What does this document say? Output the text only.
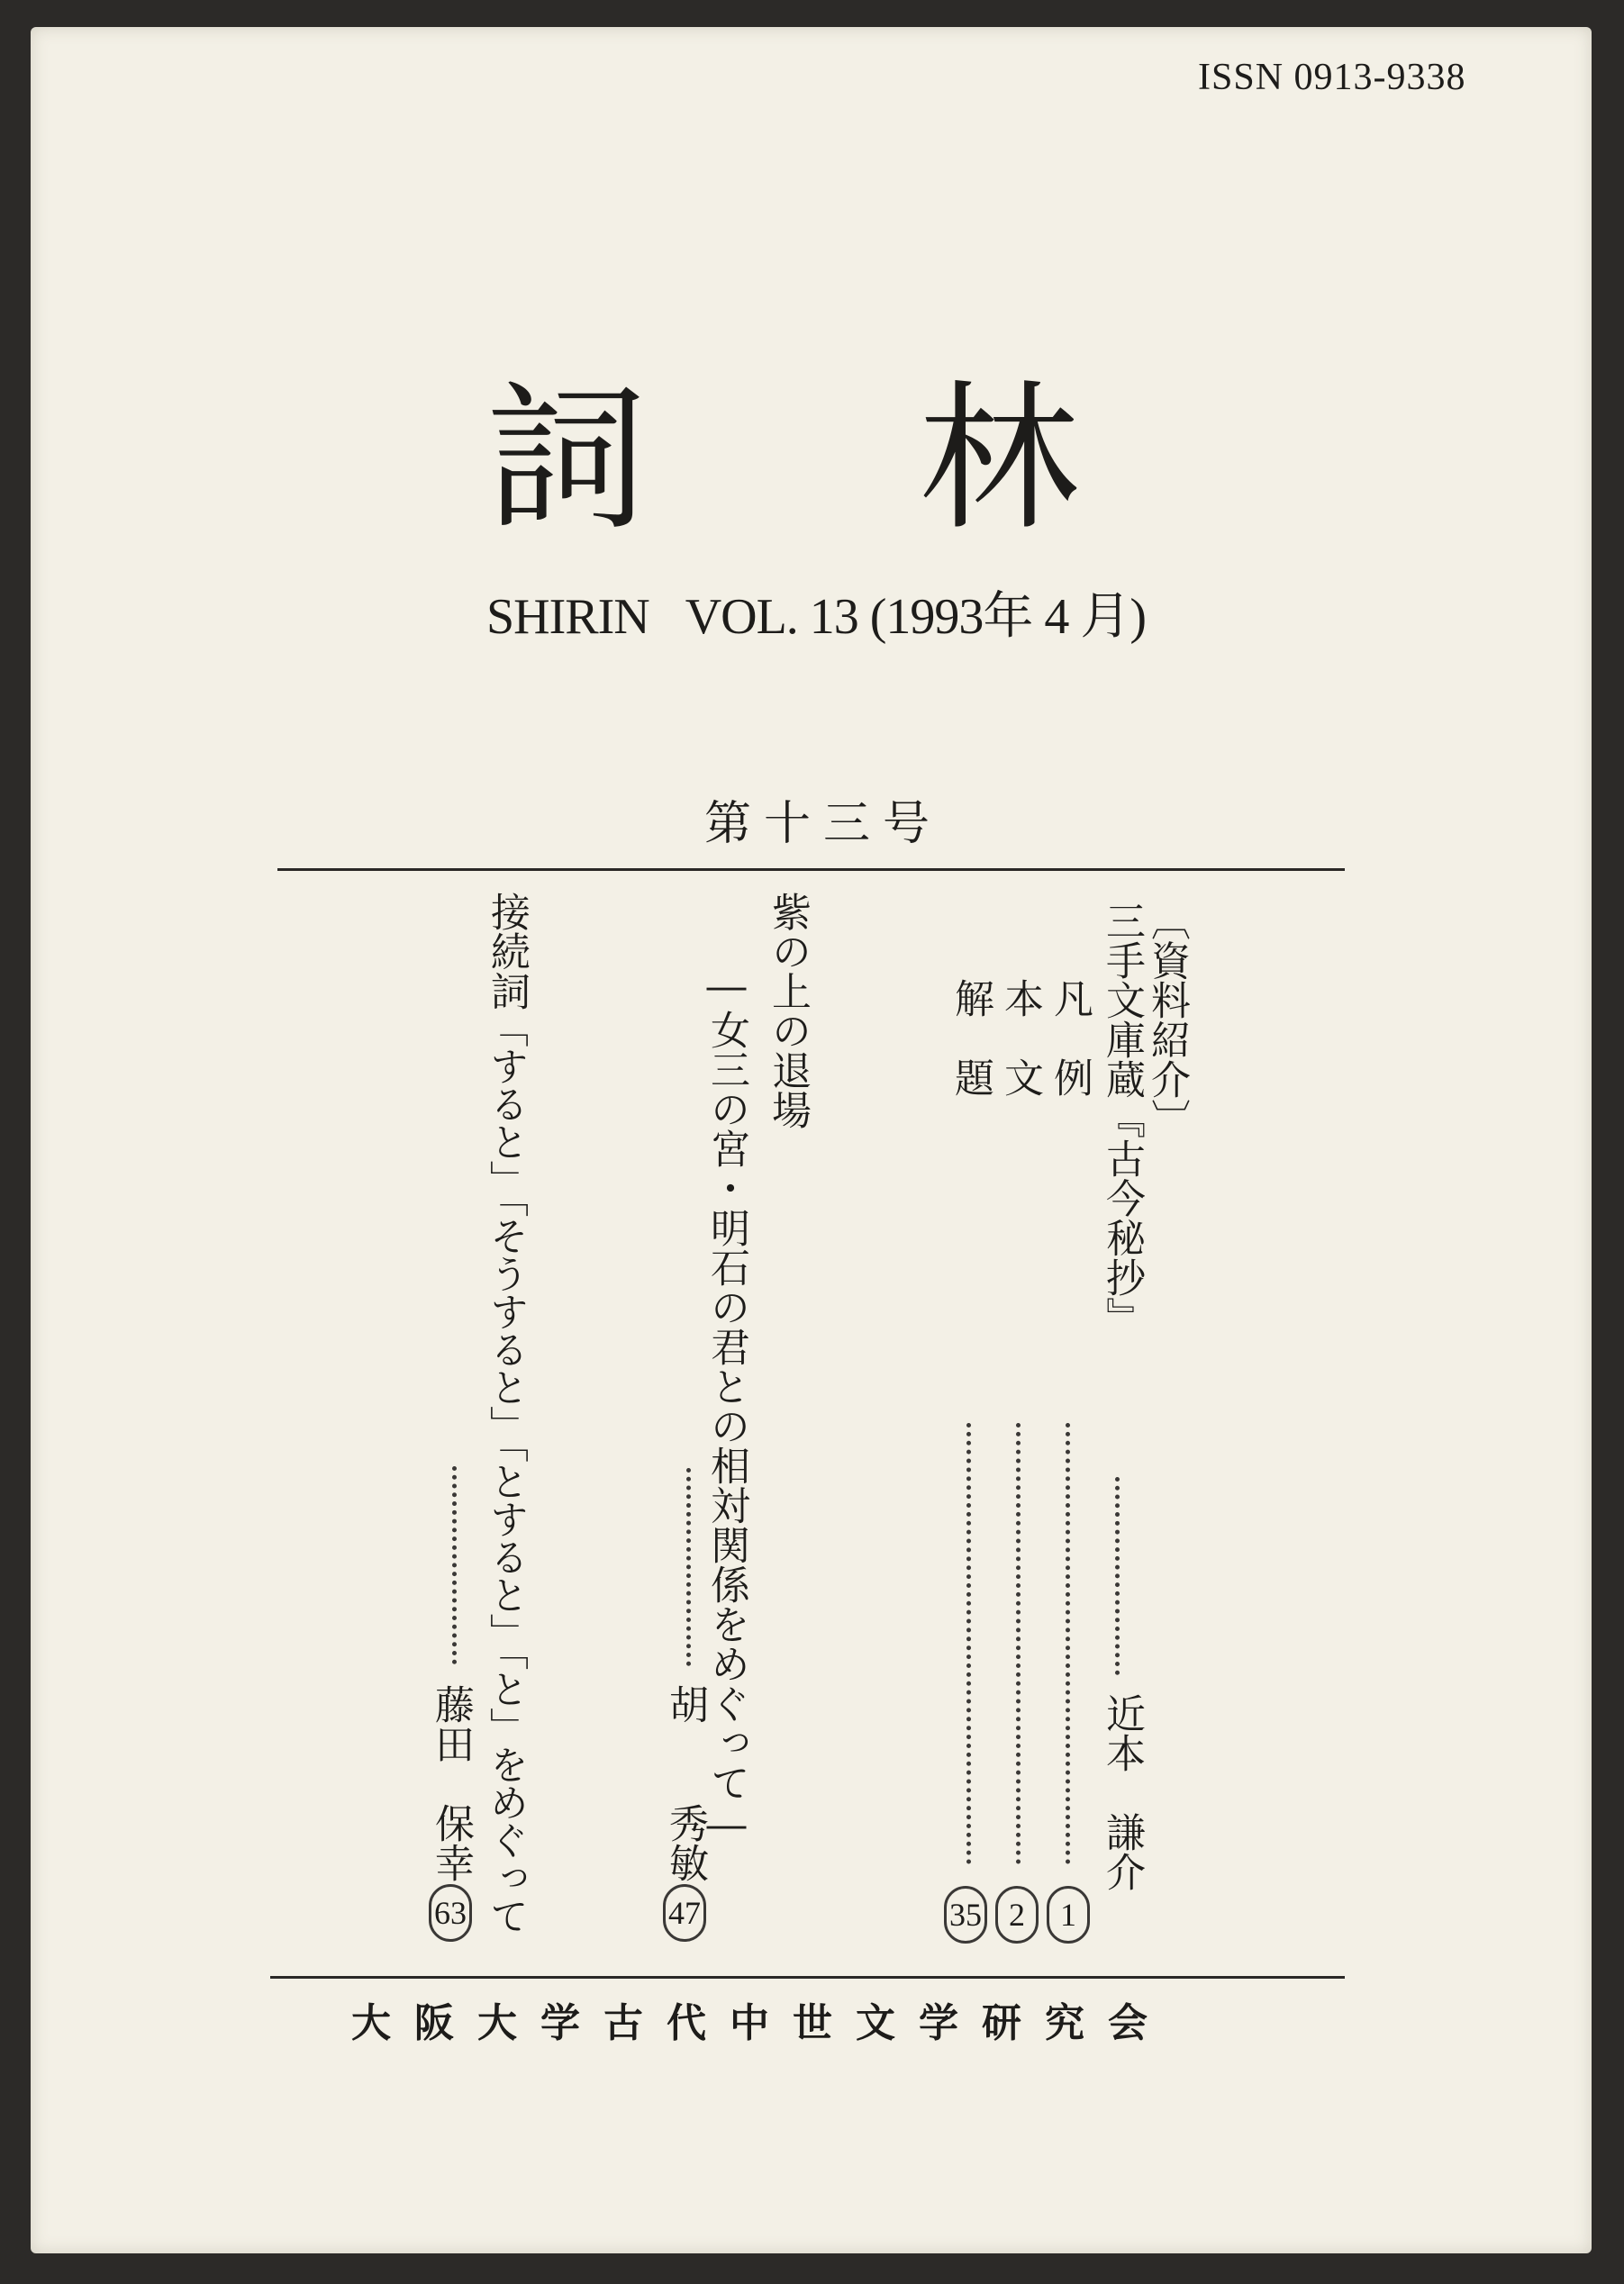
ISSN 0913-9338
詞 林
SHIRIN VOL. 13 (1993年 4 月)
第十三号
〔資料紹介〕
三手文庫蔵『古今秘抄』
近本　謙介
凡　例
1
本　文
2
解　題
35
紫の上の退場
―女三の宮・明石の君との相対関係をめぐって―
胡　　秀敏
47
接続詞
「すると」「そうすると」「とすると」「と」をめぐって
藤田　保幸
63
大阪大学古代中世文学研究会
